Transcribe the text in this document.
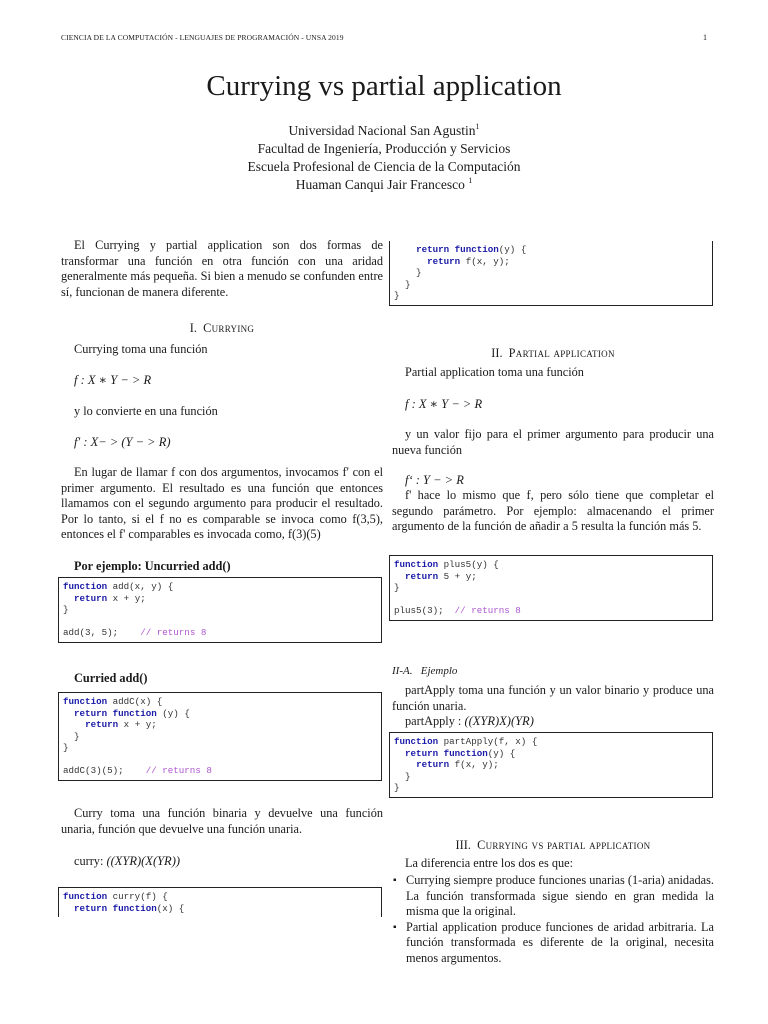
CIENCIA DE LA COMPUTACIÓN - LENGUAJES DE PROGRAMACIÓN - UNSA 2019	1
Currying vs partial application
Universidad Nacional San Agustin$^1$
Facultad de Ingeniería, Producción y Servicios
Escuela Profesional de Ciencia de la Computación
Huaman Canqui Jair Francesco $^1$
El Currying y partial application son dos formas de transformar una función en otra función con una aridad generalmente más pequeña. Si bien a menudo se confunden entre sí, funcionan de manera diferente.
I. Currying
Currying toma una función
f : X ∗ Y − > R
y lo convierte en una función
f′ : X− > (Y − > R)
En lugar de llamar f con dos argumentos, invocamos f' con el primer argumento. El resultado es una función que entonces llamamos con el segundo argumento para producir el resultado. Por lo tanto, si el f no es comparable se invoca como f(3,5), entonces el f' comparables es invocada como, f(3)(5)
Por ejemplo: Uncurried add()
function add(x, y) {
return x + y;
}
add(3, 5);    // returns 8
Curried add()
function addC(x) {
return function (y) {
return x + y;
}
}
addC(3)(5);    // returns 8
Curry toma una función binaria y devuelve una función unaria, función que devuelve una función unaria.
curry: ((XYR)(X(YR))
function curry(f) {
return function(x) {
return function(y) {
return f(x, y);
}
}
}
II. Partial application
Partial application toma una función
f : X ∗ Y − > R
y un valor fijo para el primer argumento para producir una nueva función
f‘ : Y − > R
f' hace lo mismo que f, pero sólo tiene que completar el segundo parámetro. Por ejemplo: almacenando el primer argumento de la función de añadir a 5 resulta la función más 5.
function plus5(y) {
return 5 + y;
}
plus5(3);  // returns 8
II-A. Ejemplo
partApply toma una función y un valor binario y produce una función unaria.
partApply : ((XYR)X)(YR)
function partApply(f, x) {
return function(y) {
return f(x, y);
}
}
III. Currying vs partial application
La diferencia entre los dos es que:
▪ Currying siempre produce funciones unarias (1-aria) anidadas. La función transformada sigue siendo en gran medida la misma que la original.
▪ Partial application produce funciones de aridad arbitraria. La función transformada es diferente de la original, necesita menos argumentos.
